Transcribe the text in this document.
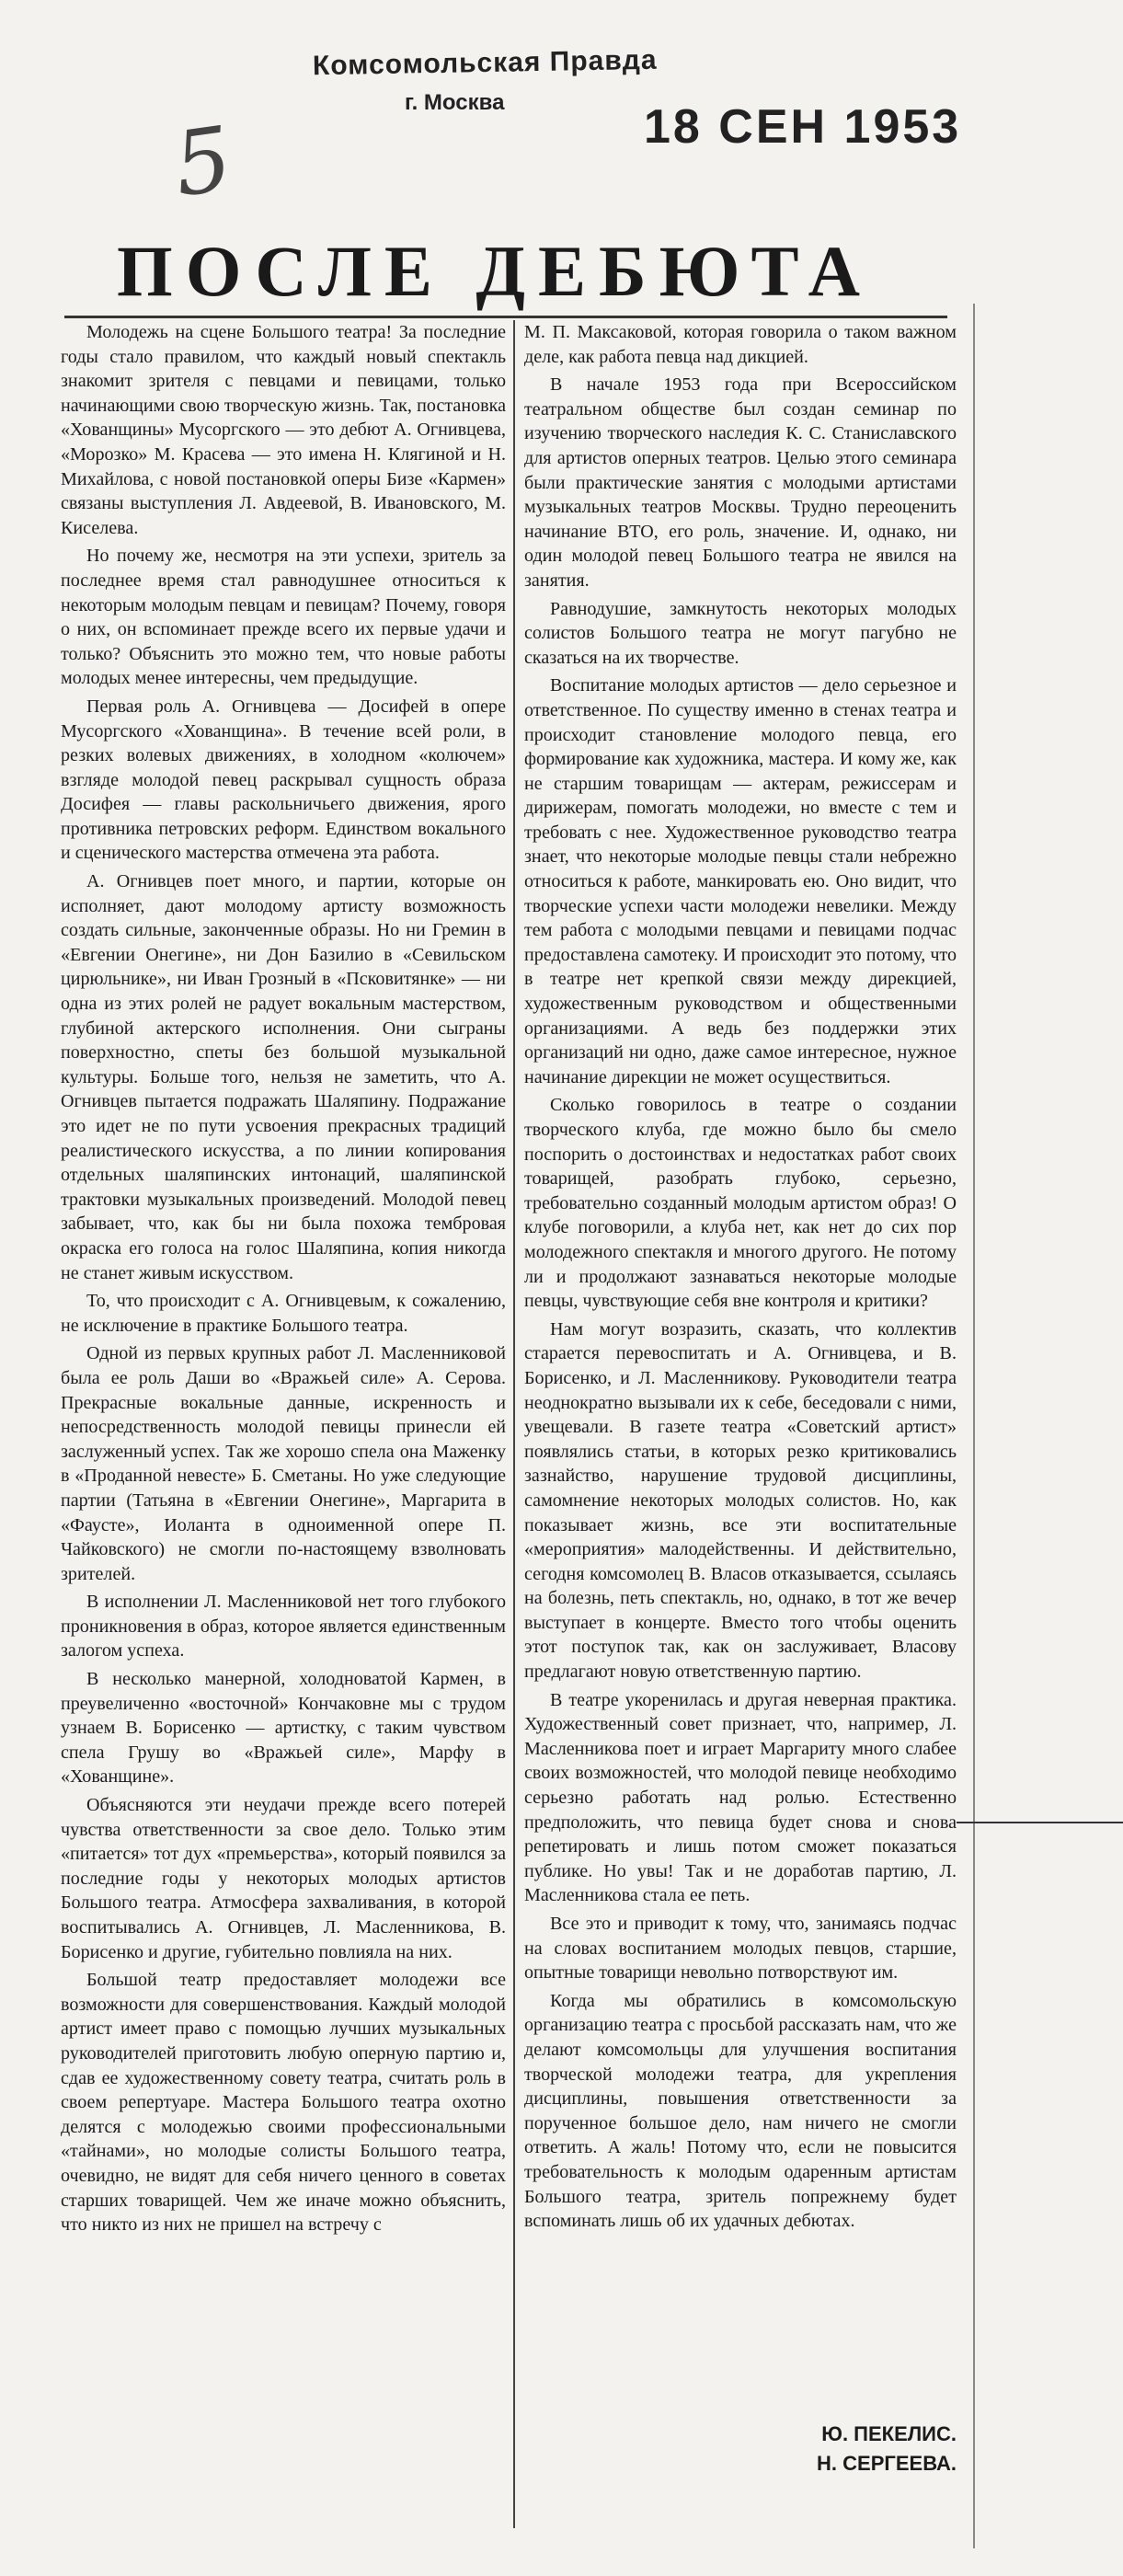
Комсомольская Правда
г. Москва	18 СЕН 1953
5
ПОСЛЕ ДЕБЮТА

Молодежь на сцене Большого театра! За последние годы стало правилом, что каждый новый спектакль знакомит зрителя с певцами и певицами, только начинающими свою творческую жизнь. Так, постановка «Хованщины» Мусоргского — это дебют А. Огнивцева, «Морозко» М. Красева — это имена Н. Клягиной и Н. Михайлова, с новой постановкой оперы Бизе «Кармен» связаны выступления Л. Авдеевой, В. Ивановского, М. Киселева.

Но почему же, несмотря на эти успехи, зритель за последнее время стал равнодушнее относиться к некоторым молодым певцам и певицам? Почему, говоря о них, он вспоминает прежде всего их первые удачи и только? Объяснить это можно тем, что новые работы молодых менее интересны, чем предыдущие.

Первая роль А. Огнивцева — Досифей в опере Мусоргского «Хованщина». В течение всей роли, в резких волевых движениях, в холодном «колючем» взгляде молодой певец раскрывал сущность образа Досифея — главы раскольничьего движения, ярого противника петровских реформ. Единством вокального и сценического мастерства отмечена эта работа.

А. Огнивцев поет много, и партии, которые он исполняет, дают молодому артисту возможность создать сильные, законченные образы. Но ни Гремин в «Евгении Онегине», ни Дон Базилио в «Севильском цирюльнике», ни Иван Грозный в «Псковитянке» — ни одна из этих ролей не радует вокальным мастерством, глубиной актерского исполнения. Они сыграны поверхностно, спеты без большой музыкальной культуры. Больше того, нельзя не заметить, что А. Огнивцев пытается подражать Шаляпину. Подражание это идет не по пути усвоения прекрасных традиций реалистического искусства, а по линии копирования отдельных шаляпинских интонаций, шаляпинской трактовки музыкальных произведений. Молодой певец забывает, что, как бы ни была похожа тембровая окраска его голоса на голос Шаляпина, копия никогда не станет живым искусством.

То, что происходит с А. Огнивцевым, к сожалению, не исключение в практике Большого театра.

Одной из первых крупных работ Л. Масленниковой была ее роль Даши во «Вражьей силе» А. Серова. Прекрасные вокальные данные, искренность и непосредственность молодой певицы принесли ей заслуженный успех. Так же хорошо спела она Маженку в «Проданной невесте» Б. Сметаны. Но уже следующие партии (Татьяна в «Евгении Онегине», Маргарита в «Фаусте», Иоланта в одноименной опере П. Чайковского) не смогли по-настоящему взволновать зрителей.

В исполнении Л. Масленниковой нет того глубокого проникновения в образ, которое является единственным залогом успеха.

В несколько манерной, холодноватой Кармен, в преувеличенно «восточной» Кончаковне мы с трудом узнаем В. Борисенко — артистку, с таким чувством спела Грушу во «Вражьей силе», Марфу в «Хованщине».

Объясняются эти неудачи прежде всего потерей чувства ответственности за свое дело. Только этим «питается» тот дух «премьерства», который появился за последние годы у некоторых молодых артистов Большого театра. Атмосфера захваливания, в которой воспитывались А. Огнивцев, Л. Масленникова, В. Борисенко и другие, губительно повлияла на них.

Большой театр предоставляет молодежи все возможности для совершенствования. Каждый молодой артист имеет право с помощью лучших музыкальных руководителей приготовить любую оперную партию и, сдав ее художественному совету театра, считать роль в своем репертуаре. Мастера Большого театра охотно делятся с молодежью своими профессиональными «тайнами», но молодые солисты Большого театра, очевидно, не видят для себя ничего ценного в советах старших товарищей. Чем же иначе можно объяснить, что никто из них не пришел на встречу с

М. П. Максаковой, которая говорила о таком важном деле, как работа певца над дикцией.

В начале 1953 года при Всероссийском театральном обществе был создан семинар по изучению творческого наследия К. С. Станиславского для артистов оперных театров. Целью этого семинара были практические занятия с молодыми артистами музыкальных театров Москвы. Трудно переоценить начинание ВТО, его роль, значение. И, однако, ни один молодой певец Большого театра не явился на занятия.

Равнодушие, замкнутость некоторых молодых солистов Большого театра не могут пагубно не сказаться на их творчестве.

Воспитание молодых артистов — дело серьезное и ответственное. По существу именно в стенах театра и происходит становление молодого певца, его формирование как художника, мастера. И кому же, как не старшим товарищам — актерам, режиссерам и дирижерам, помогать молодежи, но вместе с тем и требовать с нее. Художественное руководство театра знает, что некоторые молодые певцы стали небрежно относиться к работе, манкировать ею. Оно видит, что творческие успехи части молодежи невелики. Между тем работа с молодыми певцами и певицами подчас предоставлена самотеку. И происходит это потому, что в театре нет крепкой связи между дирекцией, художественным руководством и общественными организациями. А ведь без поддержки этих организаций ни одно, даже самое интересное, нужное начинание дирекции не может осуществиться.

Сколько говорилось в театре о создании творческого клуба, где можно было бы смело поспорить о достоинствах и недостатках работ своих товарищей, разобрать глубоко, серьезно, требовательно созданный молодым артистом образ! О клубе поговорили, а клуба нет, как нет до сих пор молодежного спектакля и многого другого. Не потому ли и продолжают зазнаваться некоторые молодые певцы, чувствующие себя вне контроля и критики?

Нам могут возразить, сказать, что коллектив старается перевоспитать и А. Огнивцева, и В. Борисенко, и Л. Масленникову. Руководители театра неоднократно вызывали их к себе, беседовали с ними, увещевали. В газете театра «Советский артист» появлялись статьи, в которых резко критиковались зазнайство, нарушение трудовой дисциплины, самомнение некоторых молодых солистов. Но, как показывает жизнь, все эти воспитательные «мероприятия» малодейственны. И действительно, сегодня комсомолец В. Власов отказывается, ссылаясь на болезнь, петь спектакль, но, однако, в тот же вечер выступает в концерте. Вместо того чтобы оценить этот поступок так, как он заслуживает, Власову предлагают новую ответственную партию.

В театре укоренилась и другая неверная практика. Художественный совет признает, что, например, Л. Масленникова поет и играет Маргариту много слабее своих возможностей, что молодой певице необходимо серьезно работать над ролью. Естественно предположить, что певица будет снова и снова репетировать и лишь потом сможет показаться публике. Но увы! Так и не доработав партию, Л. Масленникова стала ее петь.

Все это и приводит к тому, что, занимаясь подчас на словах воспитанием молодых певцов, старшие, опытные товарищи невольно потворствуют им.

Когда мы обратились в комсомольскую организацию театра с просьбой рассказать нам, что же делают комсомольцы для улучшения воспитания творческой молодежи театра, для укрепления дисциплины, повышения ответственности за порученное большое дело, нам ничего не смогли ответить. А жаль! Потому что, если не повысится требовательность к молодым одаренным артистам Большого театра, зритель попрежнему будет вспоминать лишь об их удачных дебютах.

Ю. ПЕКЕЛИС.
Н. СЕРГЕЕВА.
